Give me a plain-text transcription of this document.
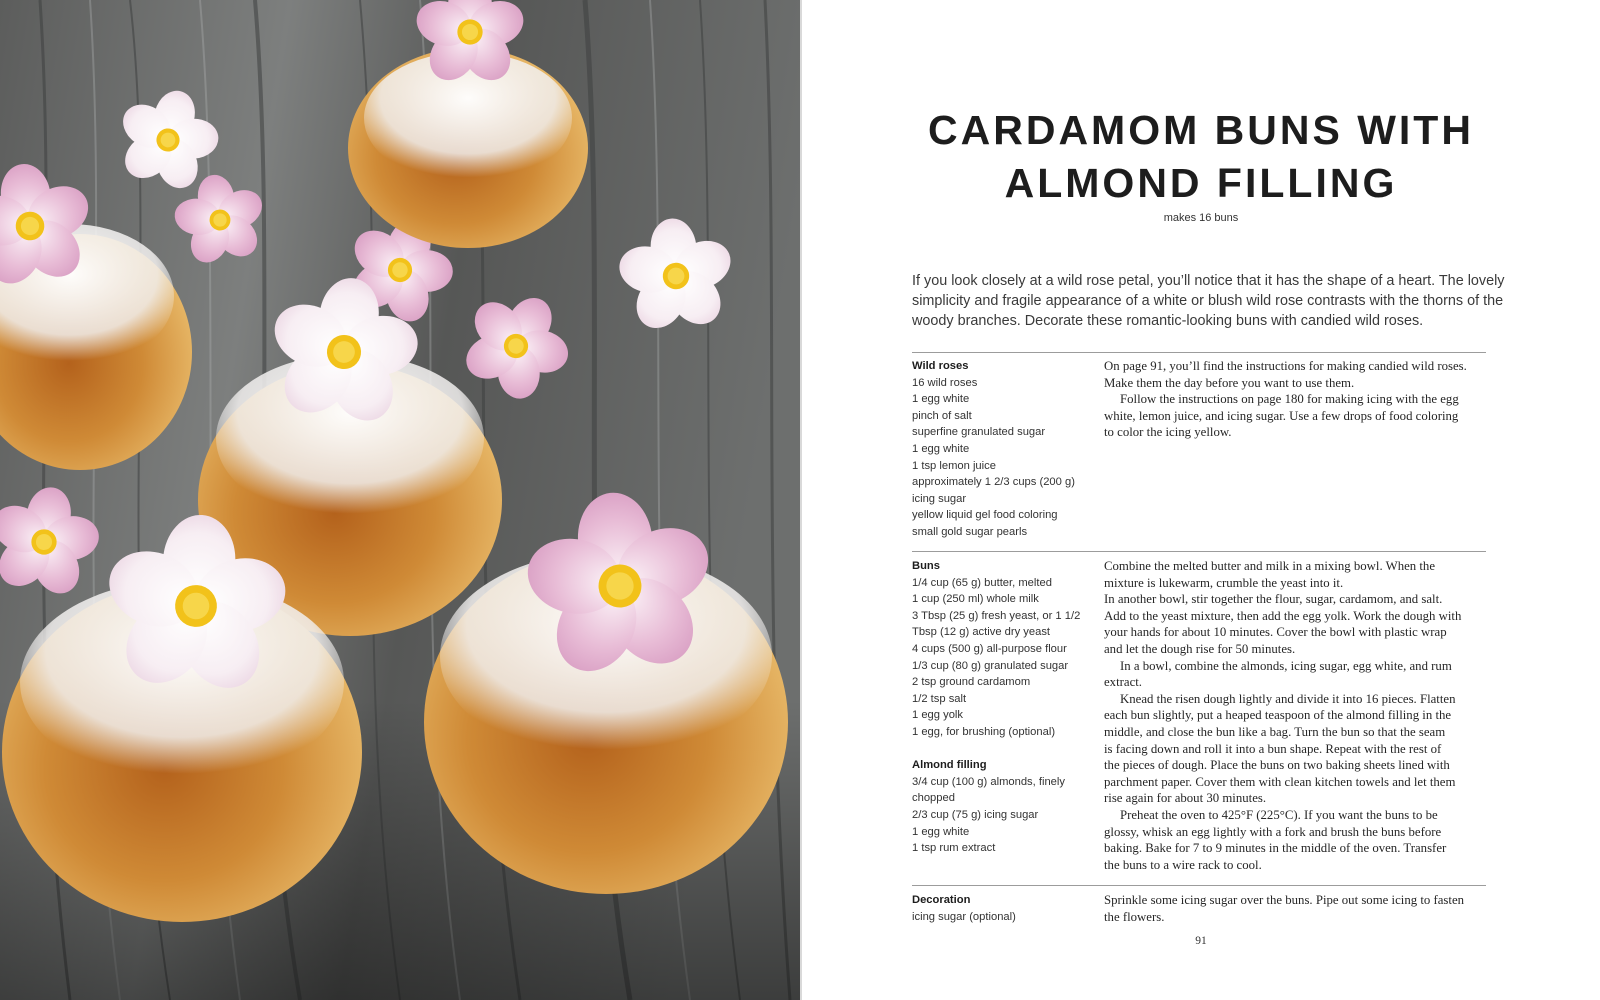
CARDAMOM BUNS WITH
ALMOND FILLING
makes 16 buns
If you look closely at a wild rose petal, you’ll notice that it has the shape of a heart. The lovely
simplicity and fragile appearance of a white or blush wild rose contrasts with the thorns of the
woody branches. Decorate these romantic-looking buns with candied wild roses.
Wild roses
16 wild roses
1 egg white
pinch of salt
superfine granulated sugar
1 egg white
1 tsp lemon juice
approximately 1 2/3 cups (200 g)
icing sugar
yellow liquid gel food coloring
small gold sugar pearls
On page 91, you’ll find the instructions for making candied wild roses.
Make them the day before you want to use them.
Follow the instructions on page 180 for making icing with the egg
white, lemon juice, and icing sugar. Use a few drops of food coloring
to color the icing yellow.
Buns
1/4 cup (65 g) butter, melted
1 cup (250 ml) whole milk
3 Tbsp (25 g) fresh yeast, or 1 1/2
Tbsp (12 g) active dry yeast
4 cups (500 g) all-purpose flour
1/3 cup (80 g) granulated sugar
2 tsp ground cardamom
1/2 tsp salt
1 egg yolk
1 egg, for brushing (optional)
Almond filling
3/4 cup (100 g) almonds, finely
chopped
2/3 cup (75 g) icing sugar
1 egg white
1 tsp rum extract
Combine the melted butter and milk in a mixing bowl. When the
mixture is lukewarm, crumble the yeast into it.
In another bowl, stir together the flour, sugar, cardamom, and salt.
Add to the yeast mixture, then add the egg yolk. Work the dough with
your hands for about 10 minutes. Cover the bowl with plastic wrap
and let the dough rise for 50 minutes.
In a bowl, combine the almonds, icing sugar, egg white, and rum
extract.
Knead the risen dough lightly and divide it into 16 pieces. Flatten
each bun slightly, put a heaped teaspoon of the almond filling in the
middle, and close the bun like a bag. Turn the bun so that the seam
is facing down and roll it into a bun shape. Repeat with the rest of
the pieces of dough. Place the buns on two baking sheets lined with
parchment paper. Cover them with clean kitchen towels and let them
rise again for about 30 minutes.
Preheat the oven to 425°F (225°C). If you want the buns to be
glossy, whisk an egg lightly with a fork and brush the buns before
baking. Bake for 7 to 9 minutes in the middle of the oven. Transfer
the buns to a wire rack to cool.
Decoration
icing sugar (optional)
Sprinkle some icing sugar over the buns. Pipe out some icing to fasten
the flowers.
91
